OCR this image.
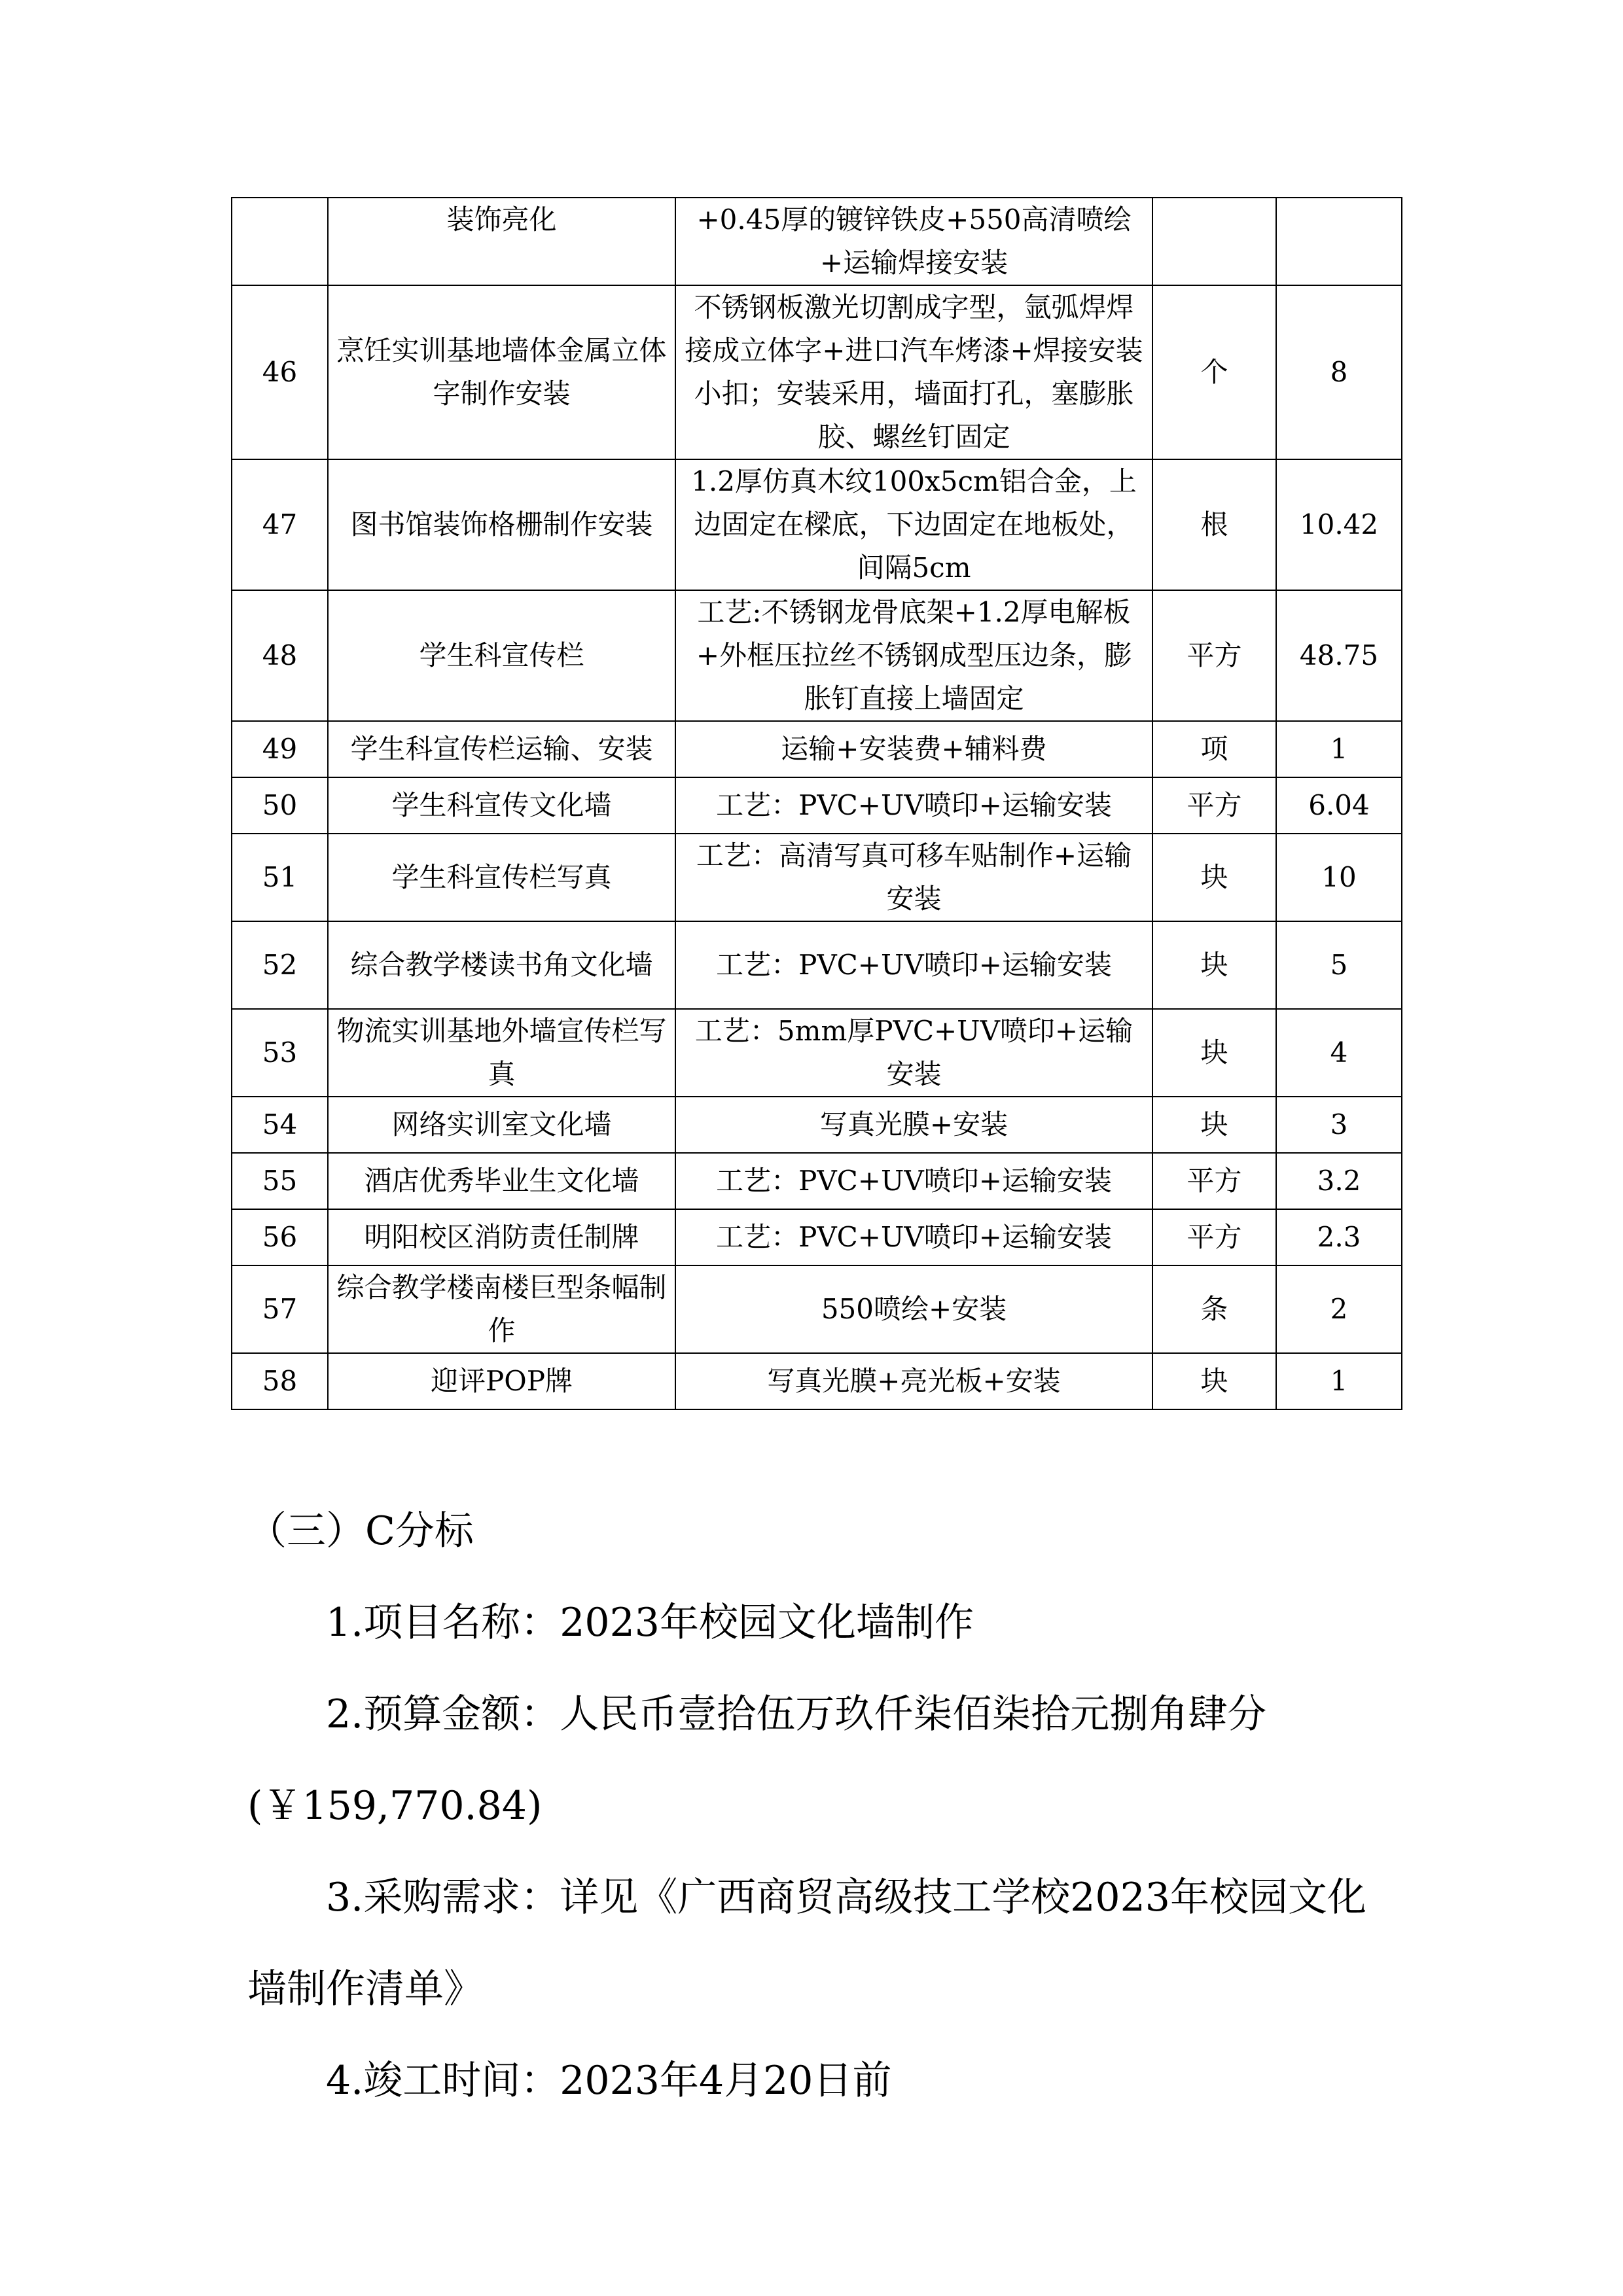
	装饰亮化	+0.45厚的镀锌铁皮+550高清喷绘+运输焊接安装		
46	烹饪实训基地墙体金属立体字制作安装	不锈钢板激光切割成字型，氩弧焊焊接成立体字+进口汽车烤漆+焊接安装小扣；安装采用，墙面打孔，塞膨胀胶、螺丝钉固定	个	8
47	图书馆装饰格栅制作安装	1.2厚仿真木纹100x5cm铝合金，上边固定在樑底，下边固定在地板处，间隔5cm	根	10.42
48	学生科宣传栏	工艺:不锈钢龙骨底架+1.2厚电解板+外框压拉丝不锈钢成型压边条，膨胀钉直接上墙固定	平方	48.75
49	学生科宣传栏运输、安装	运输+安装费+辅料费	项	1
50	学生科宣传文化墙	工艺：PVC+UV喷印+运输安装	平方	6.04
51	学生科宣传栏写真	工艺：高清写真可移车贴制作+运输安装	块	10
52	综合教学楼读书角文化墙	工艺：PVC+UV喷印+运输安装	块	5
53	物流实训基地外墙宣传栏写真	工艺：5mm厚PVC+UV喷印+运输安装	块	4
54	网络实训室文化墙	写真光膜+安装	块	3
55	酒店优秀毕业生文化墙	工艺：PVC+UV喷印+运输安装	平方	3.2
56	明阳校区消防责任制牌	工艺：PVC+UV喷印+运输安装	平方	2.3
57	综合教学楼南楼巨型条幅制作	550喷绘+安装	条	2
58	迎评POP牌	写真光膜+亮光板+安装	块	1
（三）C分标
1.项目名称：2023年校园文化墙制作

2.预算金额：人民币壹拾伍万玖仟柒佰柒拾元捌角肆分(￥159,770.84)

3.采购需求：详见《广西商贸高级技工学校2023年校园文化墙制作清单》

4.竣工时间：2023年4月20日前
